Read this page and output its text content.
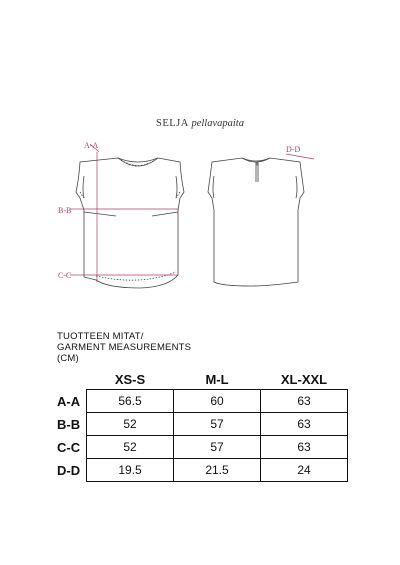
SELJA pellavapaita
A-A	D-D
B-B
C-C
TUOTTEEN MITAT/
GARMENT MEASUREMENTS
(CM)
	XS-S	M-L	XL-XXL
A-A	56.5	60	63
B-B	52	57	63
C-C	52	57	63
D-D	19.5	21.5	24
